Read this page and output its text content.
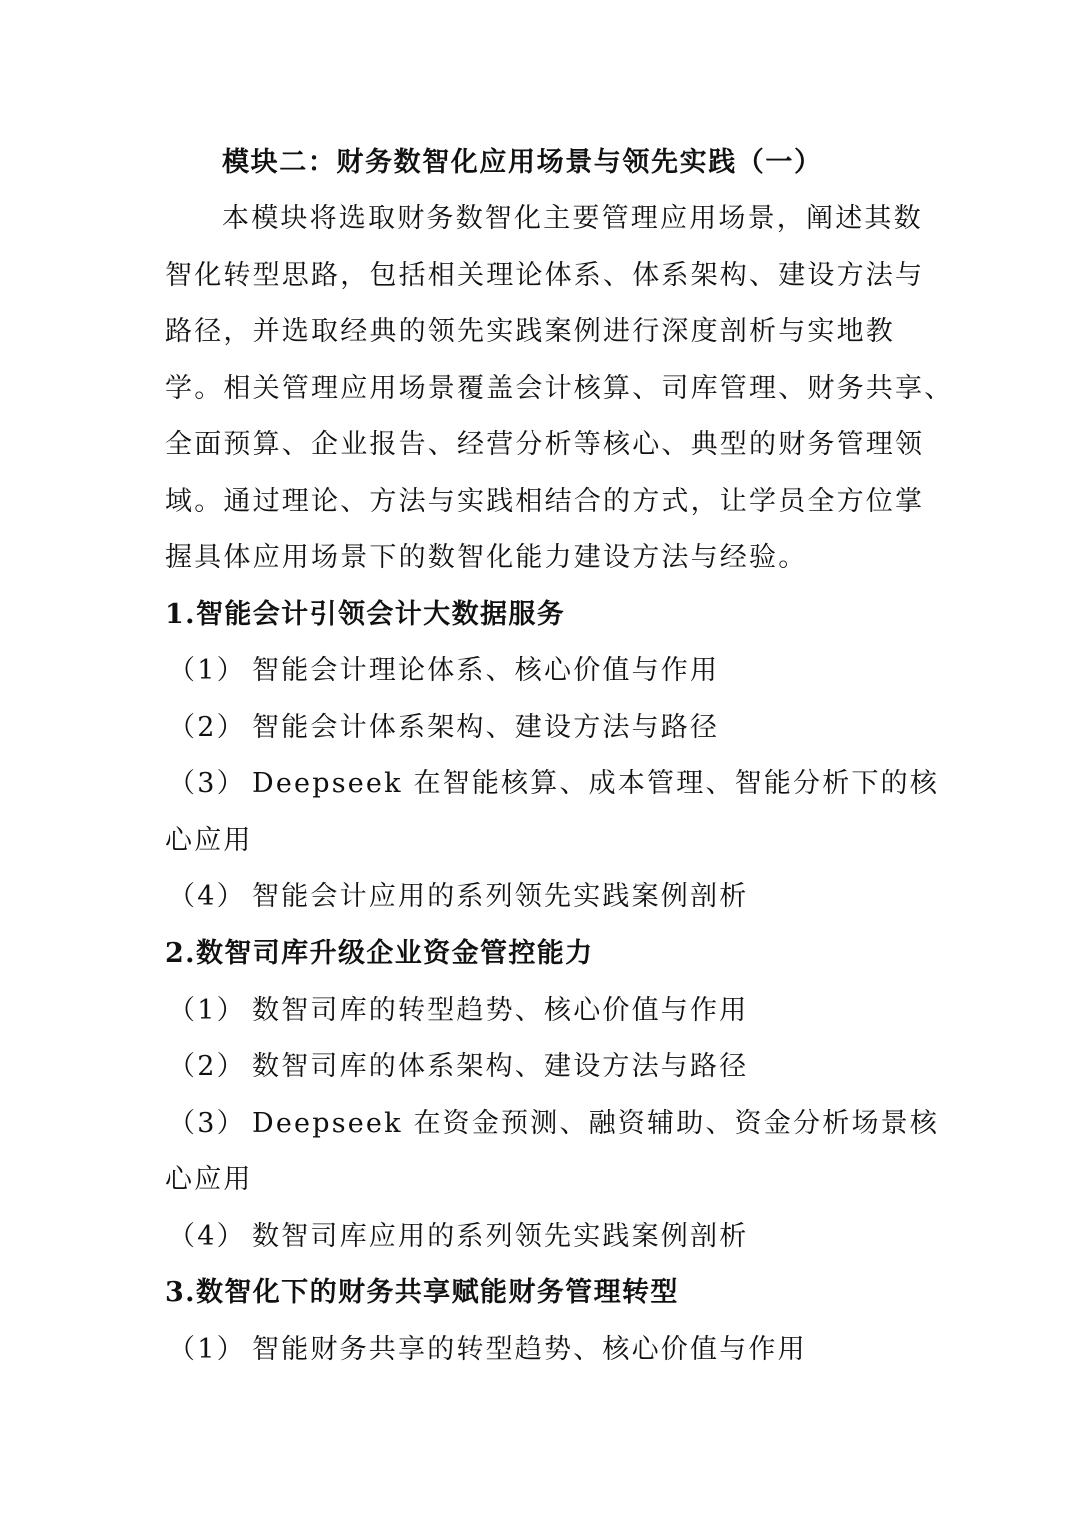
模块二：财务数智化应用场景与领先实践（一）

本模块将选取财务数智化主要管理应用场景，阐述其数

智化转型思路，包括相关理论体系、体系架构、建设方法与

路径，并选取经典的领先实践案例进行深度剖析与实地教

学。相关管理应用场景覆盖会计核算、司库管理、财务共享、

全面预算、企业报告、经营分析等核心、典型的财务管理领

域。通过理论、方法与实践相结合的方式，让学员全方位掌

握具体应用场景下的数智化能力建设方法与经验。

1.智能会计引领会计大数据服务

（1） 智能会计理论体系、核心价值与作用

（2） 智能会计体系架构、建设方法与路径

（3） Deepseek 在智能核算、成本管理、智能分析下的核

心应用

（4） 智能会计应用的系列领先实践案例剖析

2.数智司库升级企业资金管控能力

（1） 数智司库的转型趋势、核心价值与作用

（2） 数智司库的体系架构、建设方法与路径

（3） Deepseek 在资金预测、融资辅助、资金分析场景核

心应用

（4） 数智司库应用的系列领先实践案例剖析

3.数智化下的财务共享赋能财务管理转型

（1） 智能财务共享的转型趋势、核心价值与作用
